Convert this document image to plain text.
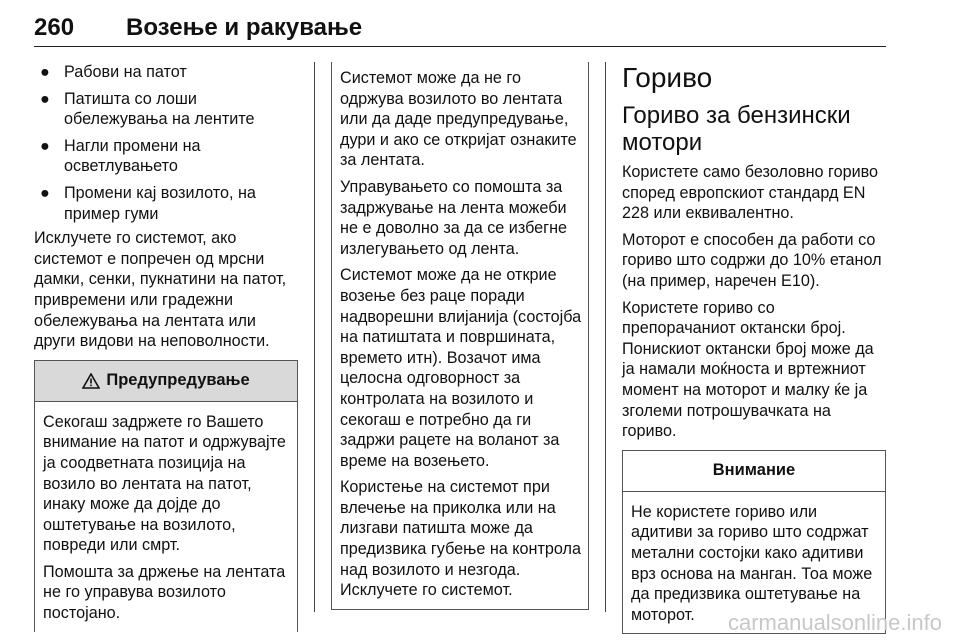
260 Возење и ракување
● Рабови на патот
● Патишта со лоши обележувања на лентите
● Нагли промени на осветлувањето
● Промени кај возилото, на пример гуми

Исклучете го системот, ако системот е попречен од мрсни дамки, сенки, пукнатини на патот, привремени или градежни обележувања на лентата или други видови на неповолности.

Предупредување

Секогаш задржете го Вашето внимание на патот и одржувајте ја соодветната позиција на возило во лентата на патот, инаку може да дојде до оштетување на возилото, повреди или смрт.

Помошта за држење на лентата не го управува возилото постојано.

Системот може да не го одржува возилото во лентата или да даде предупредување, дури и ако се откријат ознаките за лентата.

Управувањето со помошта за задржување на лента можеби не е доволно за да се избегне излегувањето од лента.

Системот може да не открие возење без раце поради надворешни влијанија (состојба на патиштата и површината, времето итн). Возачот има целосна одговорност за контролата на возилото и секогаш е потребно да ги задржи рацете на воланот за време на возењето.

Користење на системот при влечење на приколка или на лизгави патишта може да предизвика губење на контрола над возилото и незгода. Исклучете го системот.

Гориво
Гориво за бензински мотори

Користете само безоловно гориво според европскиот стандард EN 228 или еквивалентно.

Моторот е способен да работи со гориво што содржи до 10% етанол (на пример, наречен E10).

Користете гориво со препорачаниот октански број. Понискиот октански број може да ја намали моќноста и вртежниот момент на моторот и малку ќе ја зголеми потрошувачката на гориво.

Внимание

Не користете гориво или адитиви за гориво што содржат метални состојки како адитиви врз основа на манган. Тоа може да предизвика оштетување на моторот.	carmanualsonline.info
